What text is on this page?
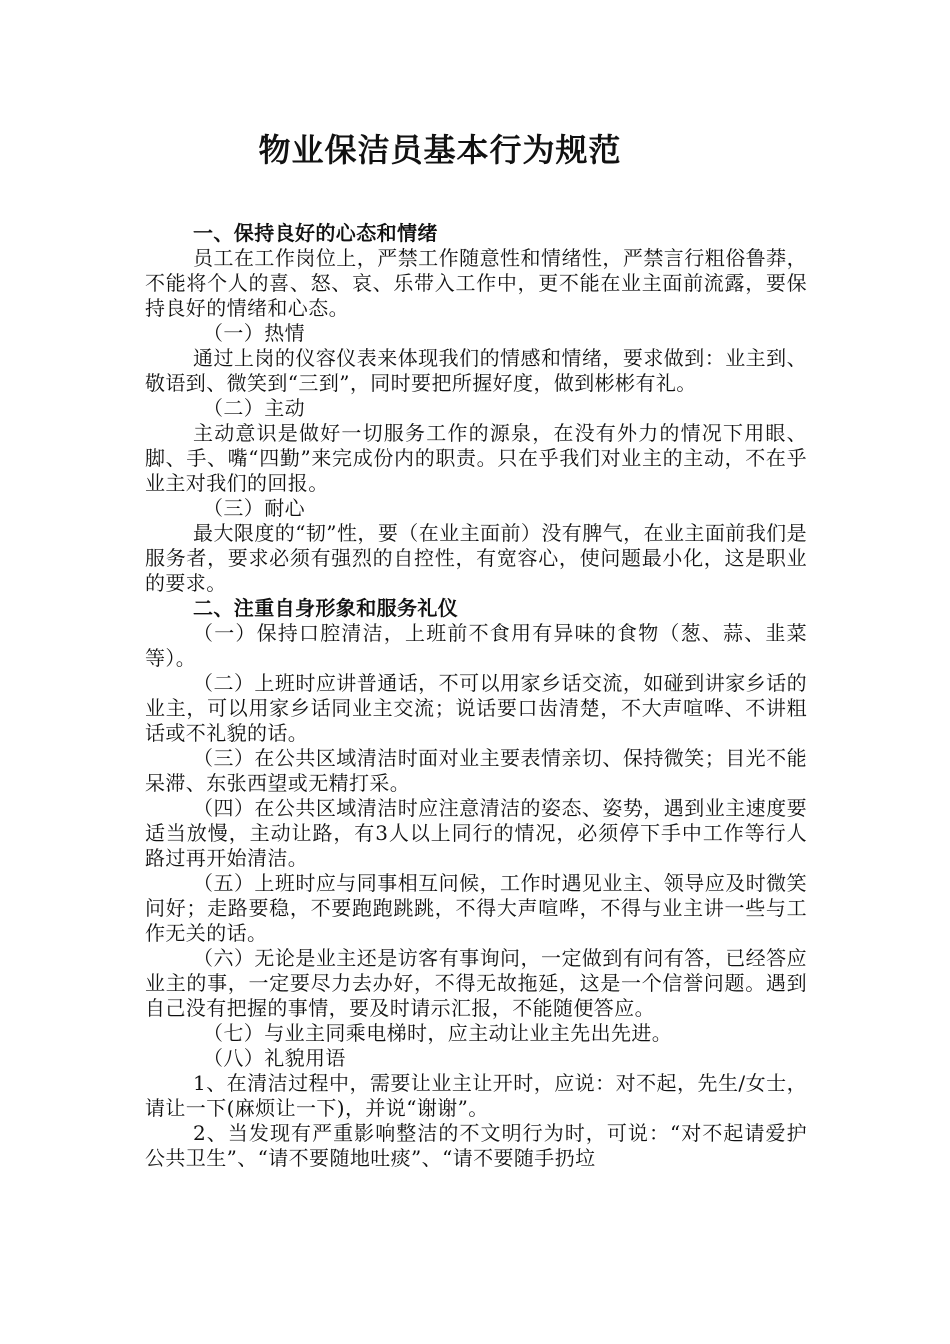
物业保洁员基本行为规范

一、保持良好的心态和情绪

员工在工作岗位上，严禁工作随意性和情绪性，严禁言行粗俗鲁莽，不能将个人的喜、怒、哀、乐带入工作中，更不能在业主面前流露，要保持良好的情绪和心态。

（一）热情

通过上岗的仪容仪表来体现我们的情感和情绪，要求做到：业主到、敬语到、微笑到“三到”，同时要把所握好度，做到彬彬有礼。

（二）主动

主动意识是做好一切服务工作的源泉，在没有外力的情况下用眼、脚、手、嘴“四勤”来完成份内的职责。只在乎我们对业主的主动，不在乎业主对我们的回报。

（三）耐心

最大限度的“韧”性，要（在业主面前）没有脾气，在业主面前我们是服务者，要求必须有强烈的自控性，有宽容心，使问题最小化，这是职业的要求。

二、注重自身形象和服务礼仪

（一）保持口腔清洁，上班前不食用有异味的食物（葱、蒜、韭菜等）。

（二）上班时应讲普通话，不可以用家乡话交流，如碰到讲家乡话的业主，可以用家乡话同业主交流；说话要口齿清楚，不大声喧哗、不讲粗话或不礼貌的话。

（三）在公共区域清洁时面对业主要表情亲切、保持微笑；目光不能呆滞、东张西望或无精打采。

（四）在公共区域清洁时应注意清洁的姿态、姿势，遇到业主速度要适当放慢，主动让路，有3人以上同行的情况，必须停下手中工作等行人路过再开始清洁。

（五）上班时应与同事相互问候，工作时遇见业主、领导应及时微笑问好；走路要稳，不要跑跑跳跳，不得大声喧哗，不得与业主讲一些与工作无关的话。

（六）无论是业主还是访客有事询问，一定做到有问有答，已经答应业主的事，一定要尽力去办好，不得无故拖延，这是一个信誉问题。遇到自己没有把握的事情，要及时请示汇报，不能随便答应。

（七）与业主同乘电梯时，应主动让业主先出先进。

（八）礼貌用语

1、在清洁过程中，需要让业主让开时，应说：对不起，先生/女士，请让一下(麻烦让一下)，并说“谢谢”。

2、当发现有严重影响整洁的不文明行为时，可说：“对不起请爱护公共卫生”、“请不要随地吐痰”、“请不要随手扔垃
